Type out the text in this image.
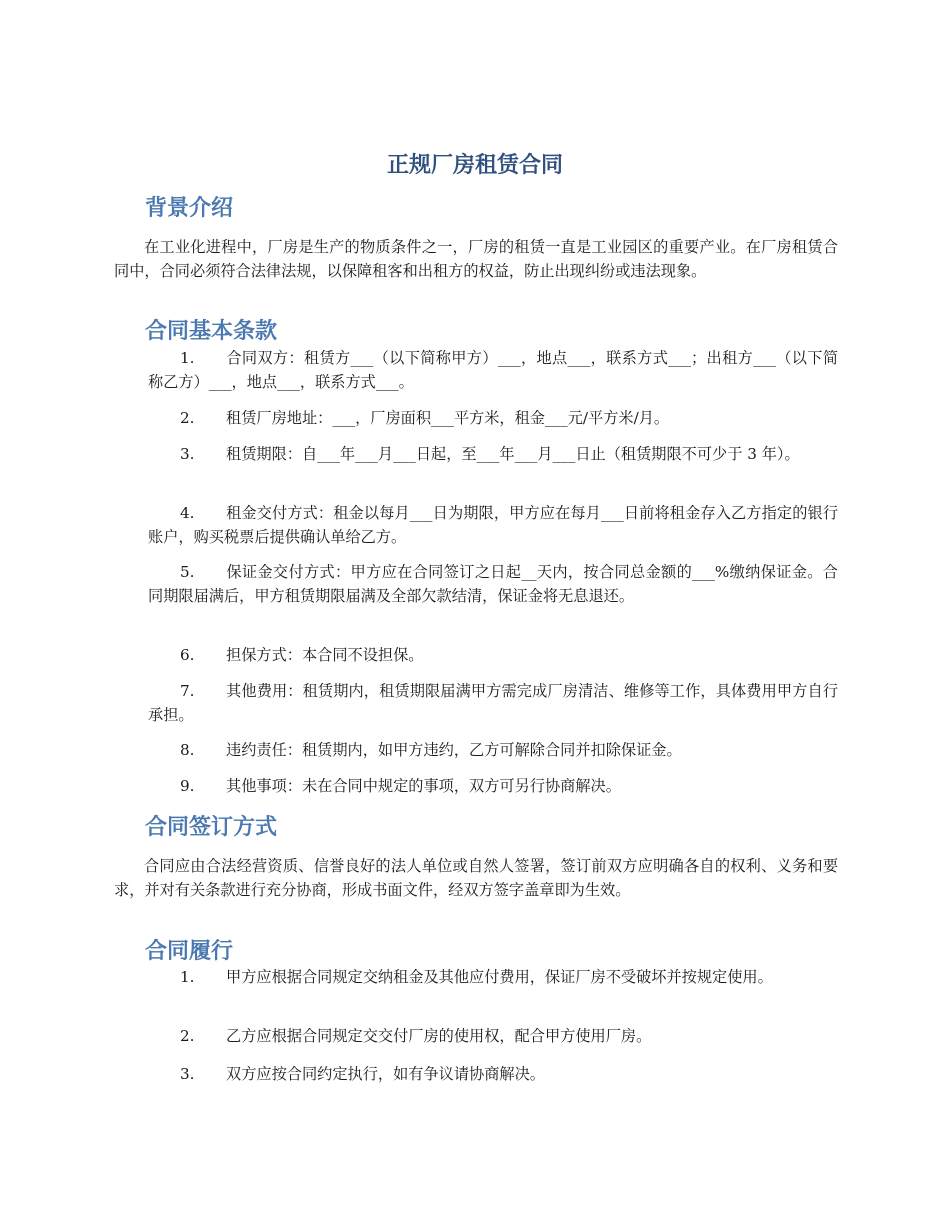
正规厂房租赁合同
背景介绍

在工业化进程中，厂房是生产的物质条件之一，厂房的租赁一直是工业园区的重要产业。在厂房租赁合同中，合同必须符合法律法规，以保障租客和出租方的权益，防止出现纠纷或违法现象。

合同基本条款
1. 合同双方：租赁方___（以下简称甲方）___，地点___，联系方式___；出租方___（以下简称乙方）___，地点___，联系方式___。
2. 租赁厂房地址：___，厂房面积___平方米，租金___元/平方米/月。
3. 租赁期限：自___年___月___日起，至___年___月___日止（租赁期限不可少于 3 年）。
4. 租金交付方式：租金以每月___日为期限，甲方应在每月___日前将租金存入乙方指定的银行账户，购买税票后提供确认单给乙方。
5. 保证金交付方式：甲方应在合同签订之日起__天内，按合同总金额的___%缴纳保证金。合同期限届满后，甲方租赁期限届满及全部欠款结清，保证金将无息退还。
6. 担保方式：本合同不设担保。
7. 其他费用：租赁期内，租赁期限届满甲方需完成厂房清洁、维修等工作，具体费用甲方自行承担。
8. 违约责任：租赁期内，如甲方违约，乙方可解除合同并扣除保证金。
9. 其他事项：未在合同中规定的事项，双方可另行协商解决。
合同签订方式

合同应由合法经营资质、信誉良好的法人单位或自然人签署，签订前双方应明确各自的权利、义务和要求，并对有关条款进行充分协商，形成书面文件，经双方签字盖章即为生效。

合同履行
1. 甲方应根据合同规定交纳租金及其他应付费用，保证厂房不受破坏并按规定使用。
2. 乙方应根据合同规定交交付厂房的使用权，配合甲方使用厂房。
3. 双方应按合同约定执行，如有争议请协商解决。
